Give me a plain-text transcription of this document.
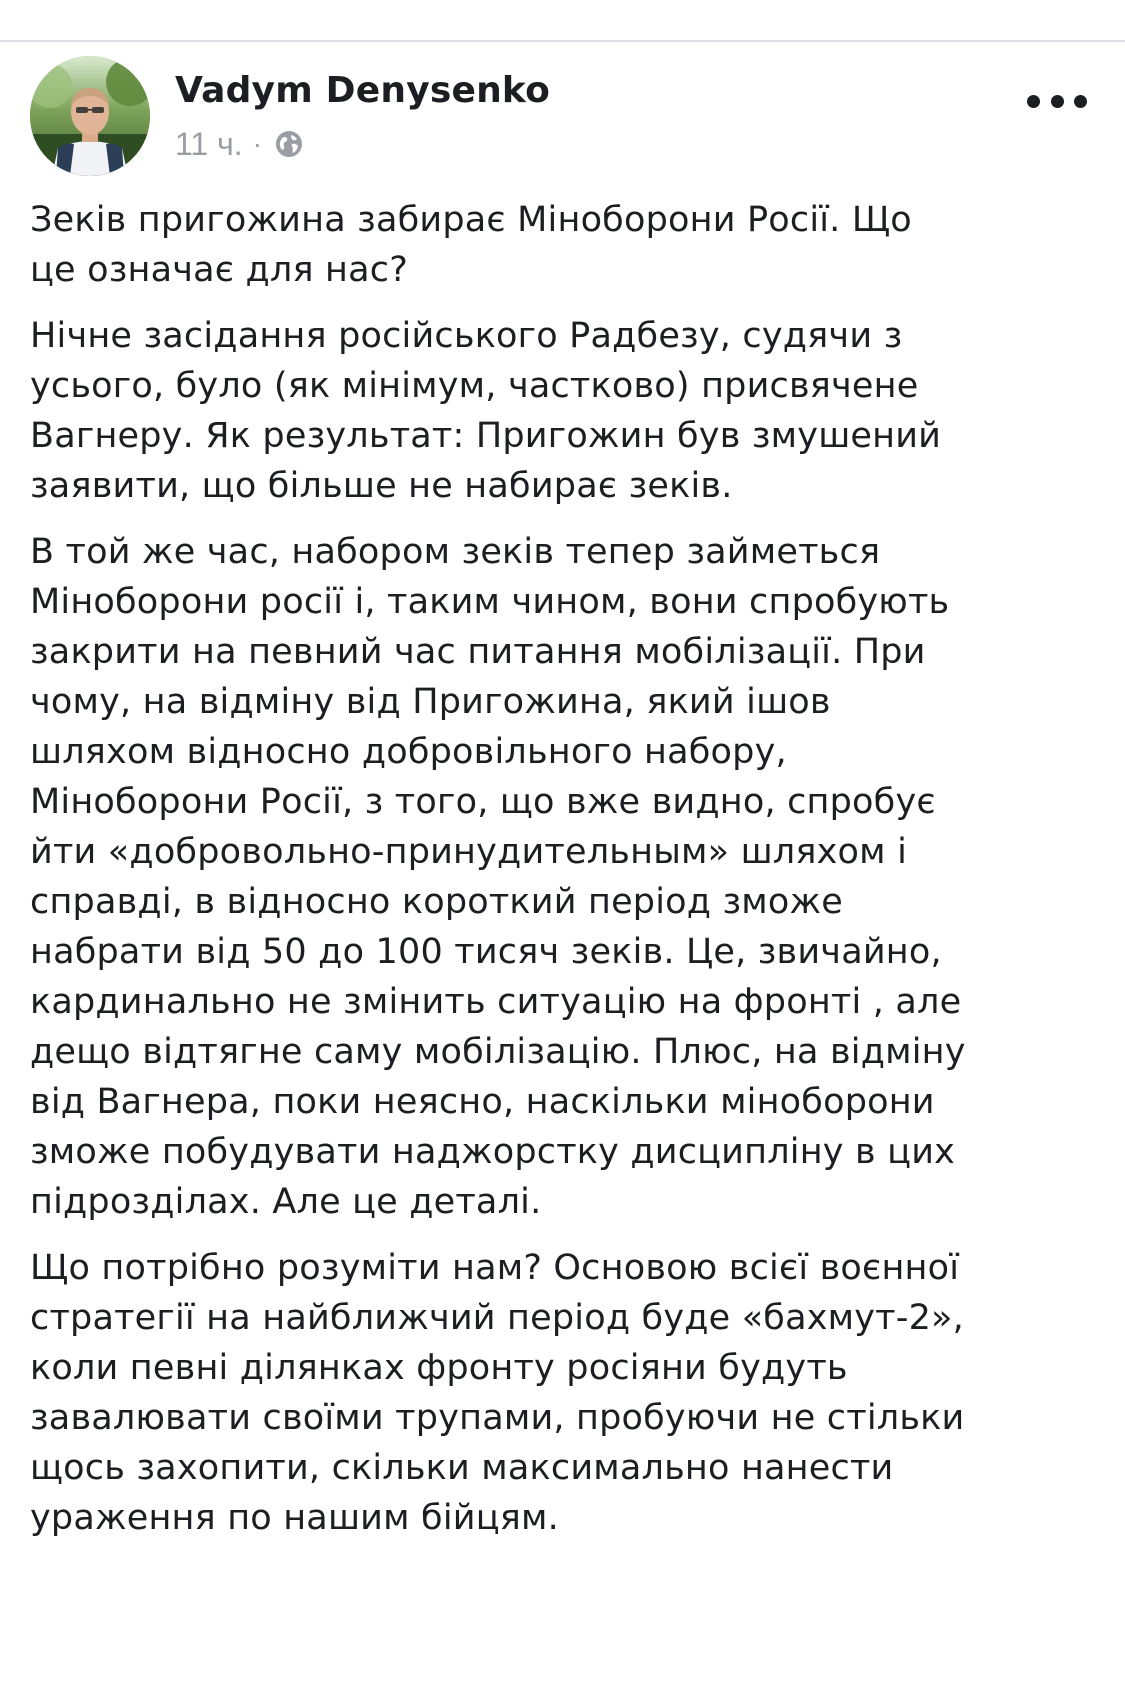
Vadym Denysenko
11 ч. ·

Зеків пригожина забирає Міноборони Росії. Що
це означає для нас?

Нічне засідання російського Радбезу, судячи з
усього, було (як мінімум, частково) присвячене
Вагнеру. Як результат: Пригожин був змушений
заявити, що більше не набирає зеків.

В той же час, набором зеків тепер займеться
Міноборони росії і, таким чином, вони спробують
закрити на певний час питання мобілізації. При
чому, на відміну від Пригожина, який ішов
шляхом відносно добровільного набору,
Міноборони Росії, з того, що вже видно, спробує
йти «добровольно-принудительным» шляхом і
справді, в відносно короткий період зможе
набрати від 50 до 100 тисяч зеків. Це, звичайно,
кардинально не змінить ситуацію на фронті , але
дещо відтягне саму мобілізацію. Плюс, на відміну
від Вагнера, поки неясно, наскільки міноборони
зможе побудувати наджорстку дисципліну в цих
підрозділах. Але це деталі.

Що потрібно розуміти нам? Основою всієї воєнної
стратегії на найближчий період буде «бахмут-2»,
коли певні ділянках фронту росіяни будуть
завалювати своїми трупами, пробуючи не стільки
щось захопити, скільки максимально нанести
ураження по нашим бійцям.
